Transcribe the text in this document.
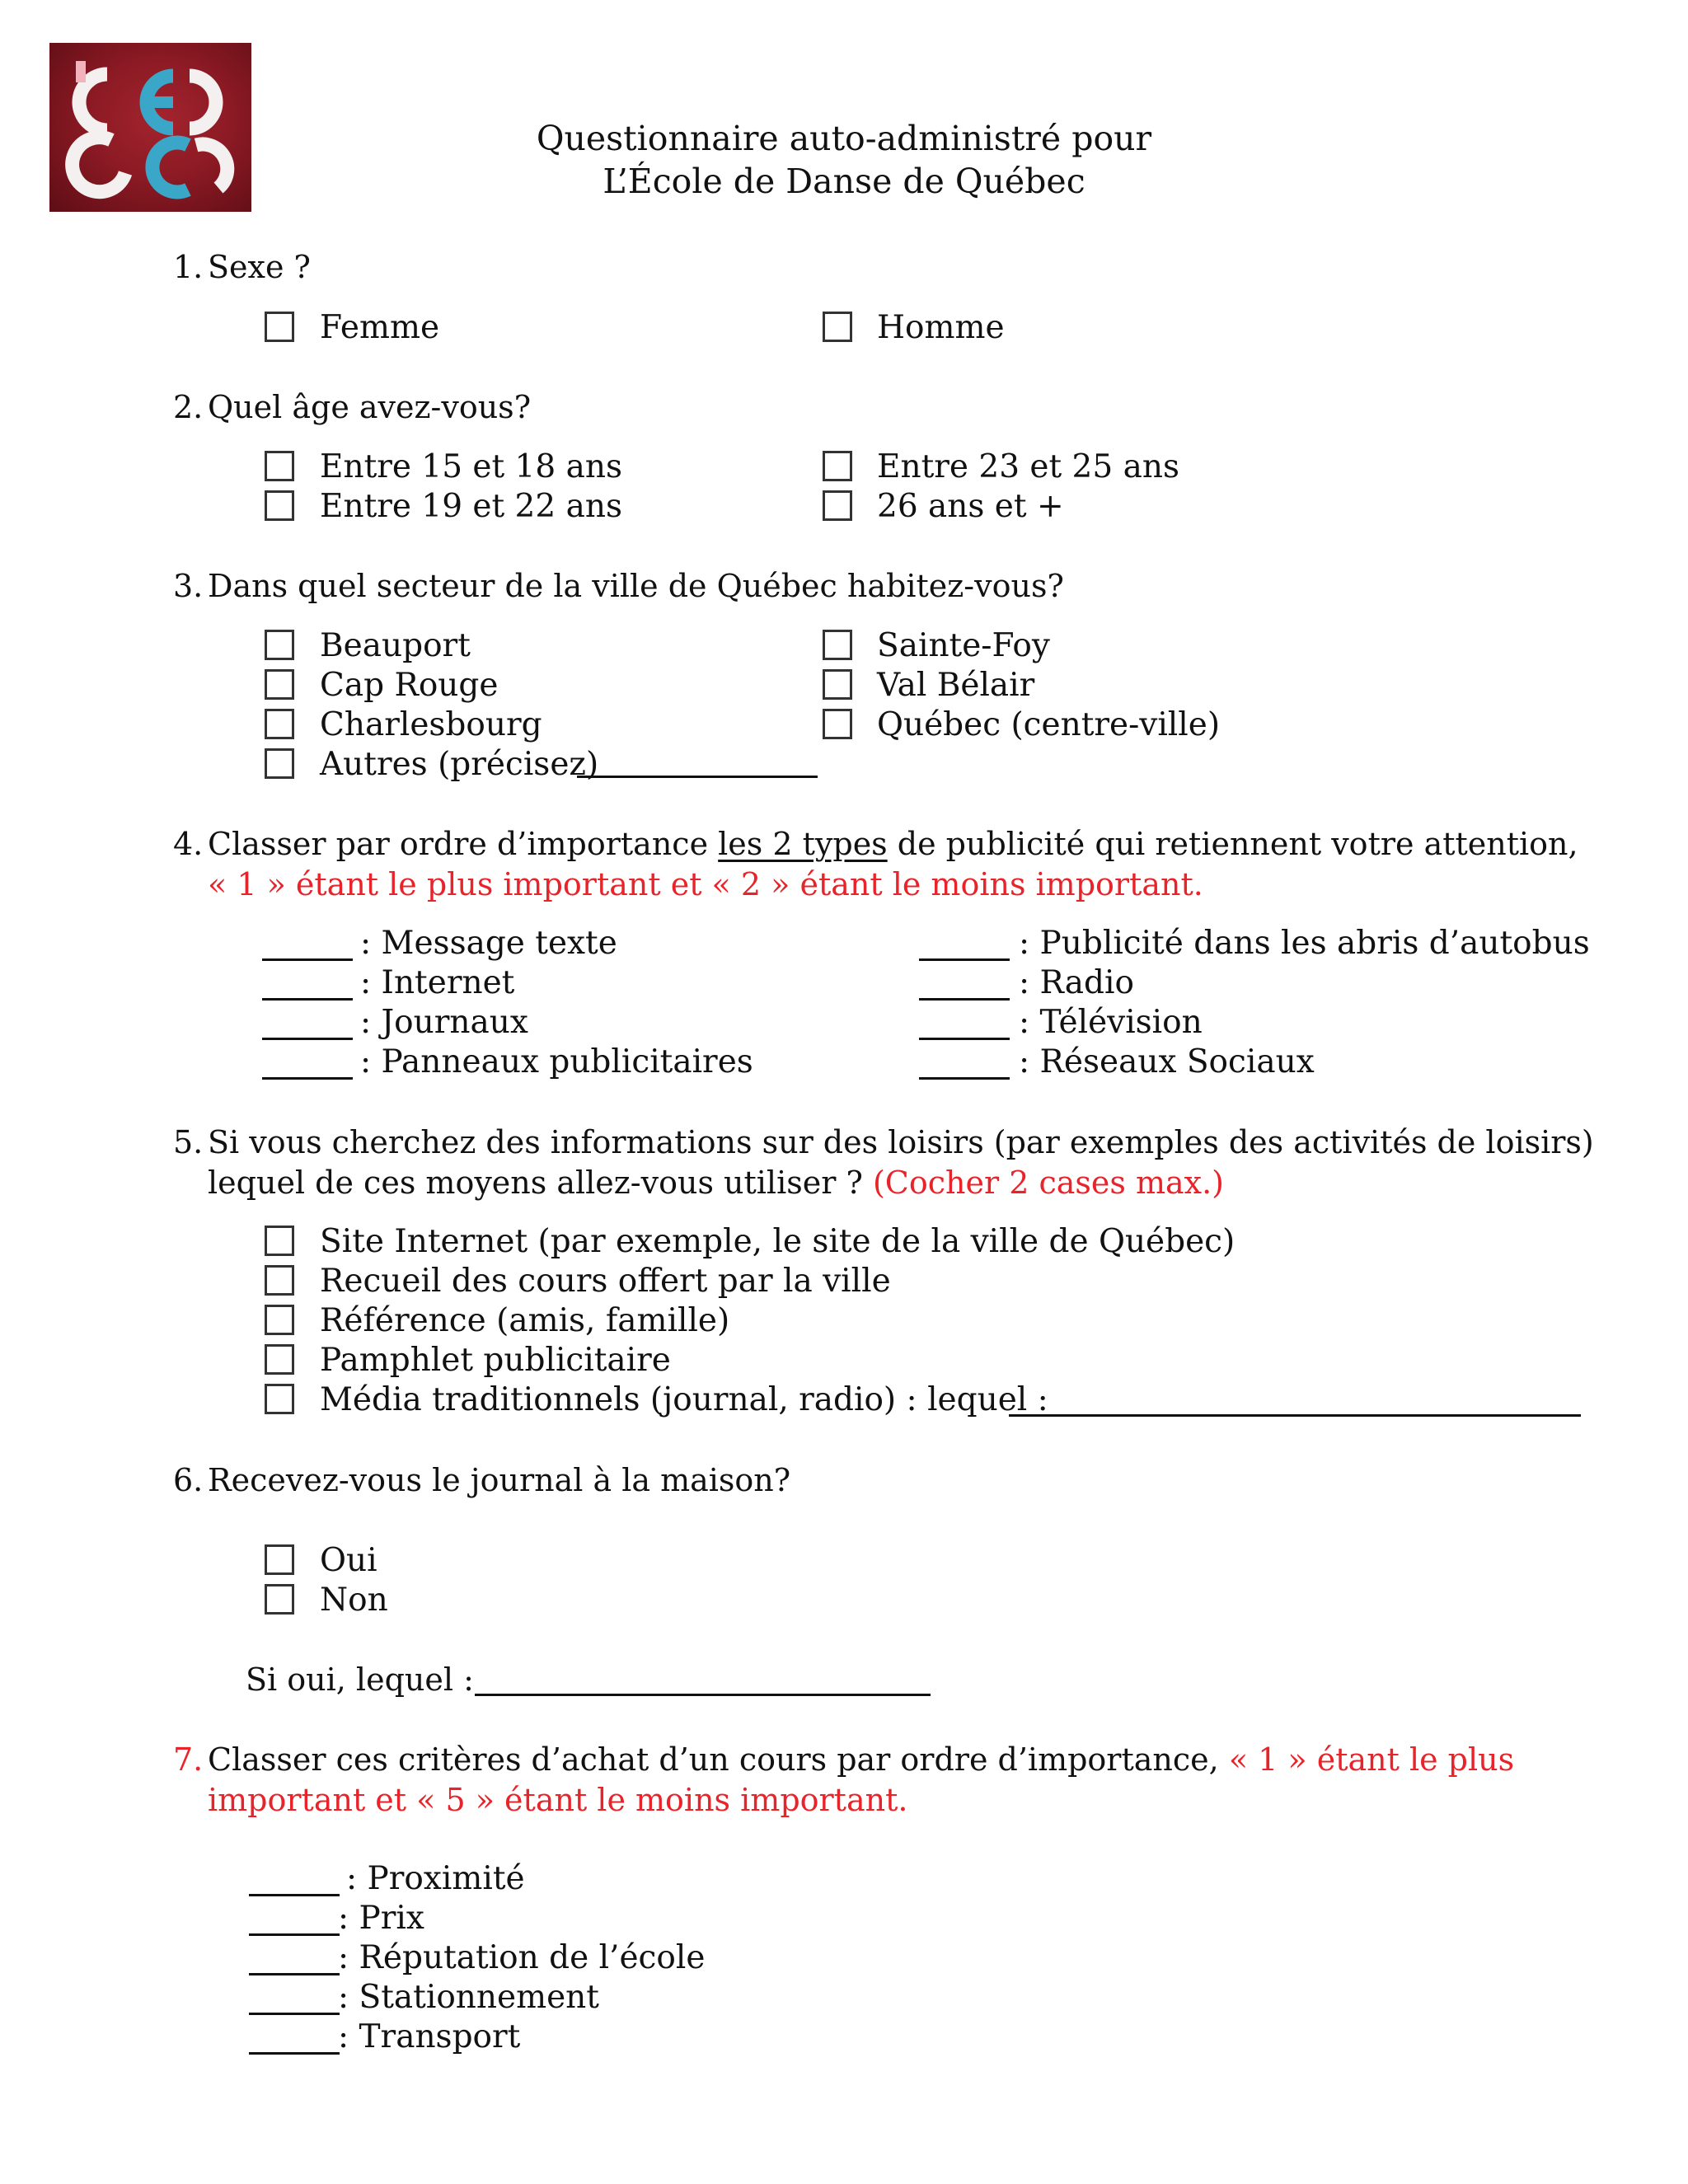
Questionnaire auto-administré pour
L’École de Danse de Québec
1. Sexe ?
Femme	Homme
2. Quel âge avez-vous?
Entre 15 et 18 ans
Entre 19 et 22 ans
Entre 23 et 25 ans
26 ans et +
3. Dans quel secteur de la ville de Québec habitez-vous?
Beauport
Cap Rouge
Charlesbourg
Autres (précisez)
Sainte-Foy
Val Bélair
Québec (centre-ville)
4. Classer par ordre d’importance les 2 types de publicité qui retiennent votre attention,
« 1 » étant le plus important et « 2 » étant le moins important.
: Message texte
: Internet
: Journaux
: Panneaux publicitaires
: Publicité dans les abris d’autobus
: Radio
: Télévision
: Réseaux Sociaux
5. Si vous cherchez des informations sur des loisirs (par exemples des activités de loisirs)
lequel de ces moyens allez-vous utiliser ? (Cocher 2 cases max.)
Site Internet (par exemple, le site de la ville de Québec)
Recueil des cours offert par la ville
Référence (amis, famille)
Pamphlet publicitaire
Média traditionnels (journal, radio) : lequel :
6. Recevez-vous le journal à la maison?
Oui
Non
Si oui, lequel :
7. Classer ces critères d’achat d’un cours par ordre d’importance, « 1 » étant le plus
important et « 5 » étant le moins important.
: Proximité
: Prix
: Réputation de l’école
: Stationnement
: Transport
